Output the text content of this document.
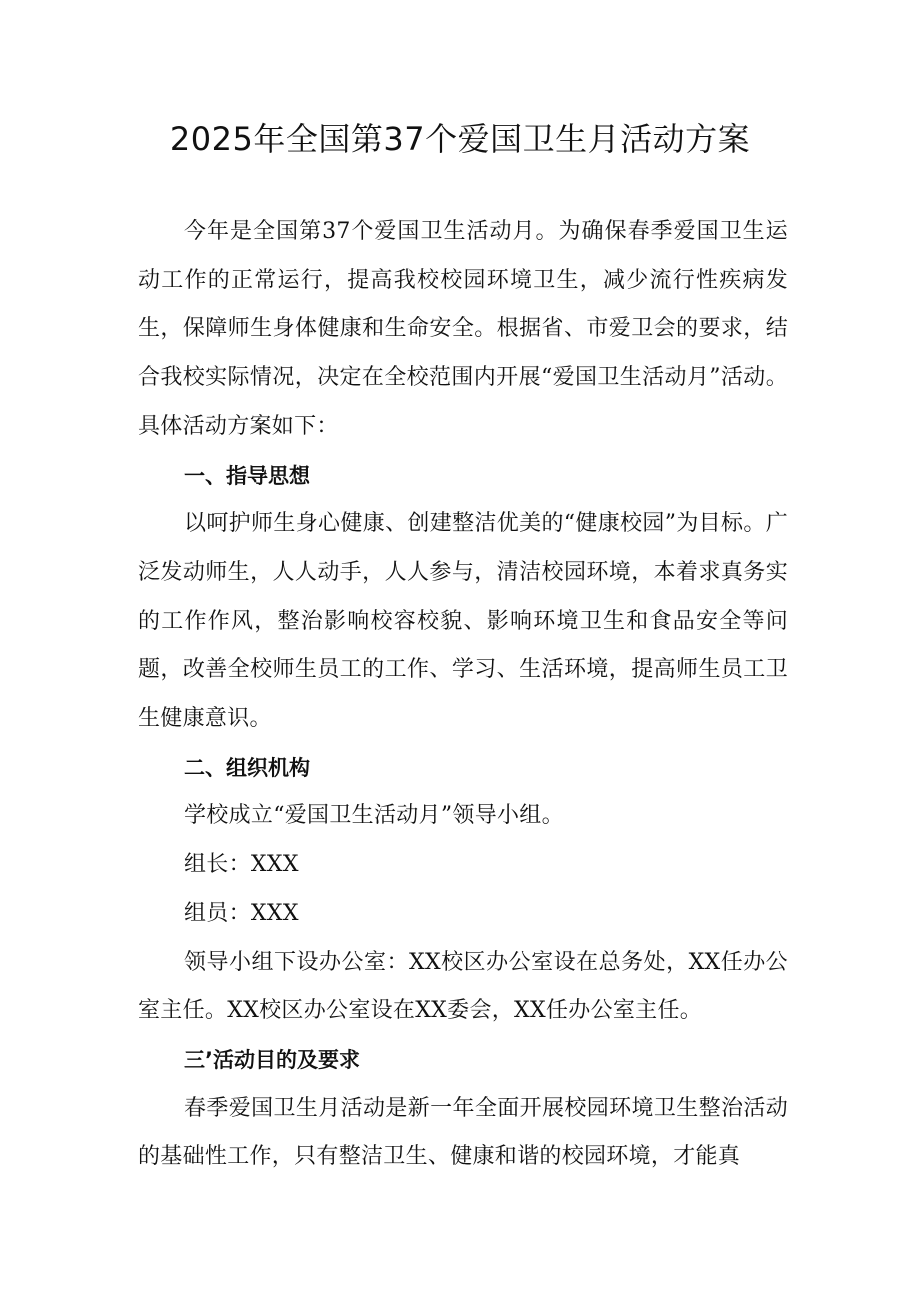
2025年全国第37个爱国卫生月活动方案

今年是全国第37个爱国卫生活动月。为确保春季爱国卫生运动工作的正常运行，提高我校校园环境卫生，减少流行性疾病发生，保障师生身体健康和生命安全。根据省、市爱卫会的要求，结合我校实际情况，决定在全校范围内开展“爱国卫生活动月”活动。具体活动方案如下：

一、指导思想

以呵护师生身心健康、创建整洁优美的“健康校园”为目标。广泛发动师生，人人动手，人人参与，清洁校园环境，本着求真务实的工作作风，整治影响校容校貌、影响环境卫生和食品安全等问题，改善全校师生员工的工作、学习、生活环境，提高师生员工卫生健康意识。

二、组织机构

学校成立“爱国卫生活动月”领导小组。

组长：XXX

组员：XXX

领导小组下设办公室：XX校区办公室设在总务处，XX任办公室主任。XX校区办公室设在XX委会，XX任办公室主任。

三’活动目的及要求

春季爱国卫生月活动是新一年全面开展校园环境卫生整治活动的基础性工作，只有整洁卫生、健康和谐的校园环境，才能真
